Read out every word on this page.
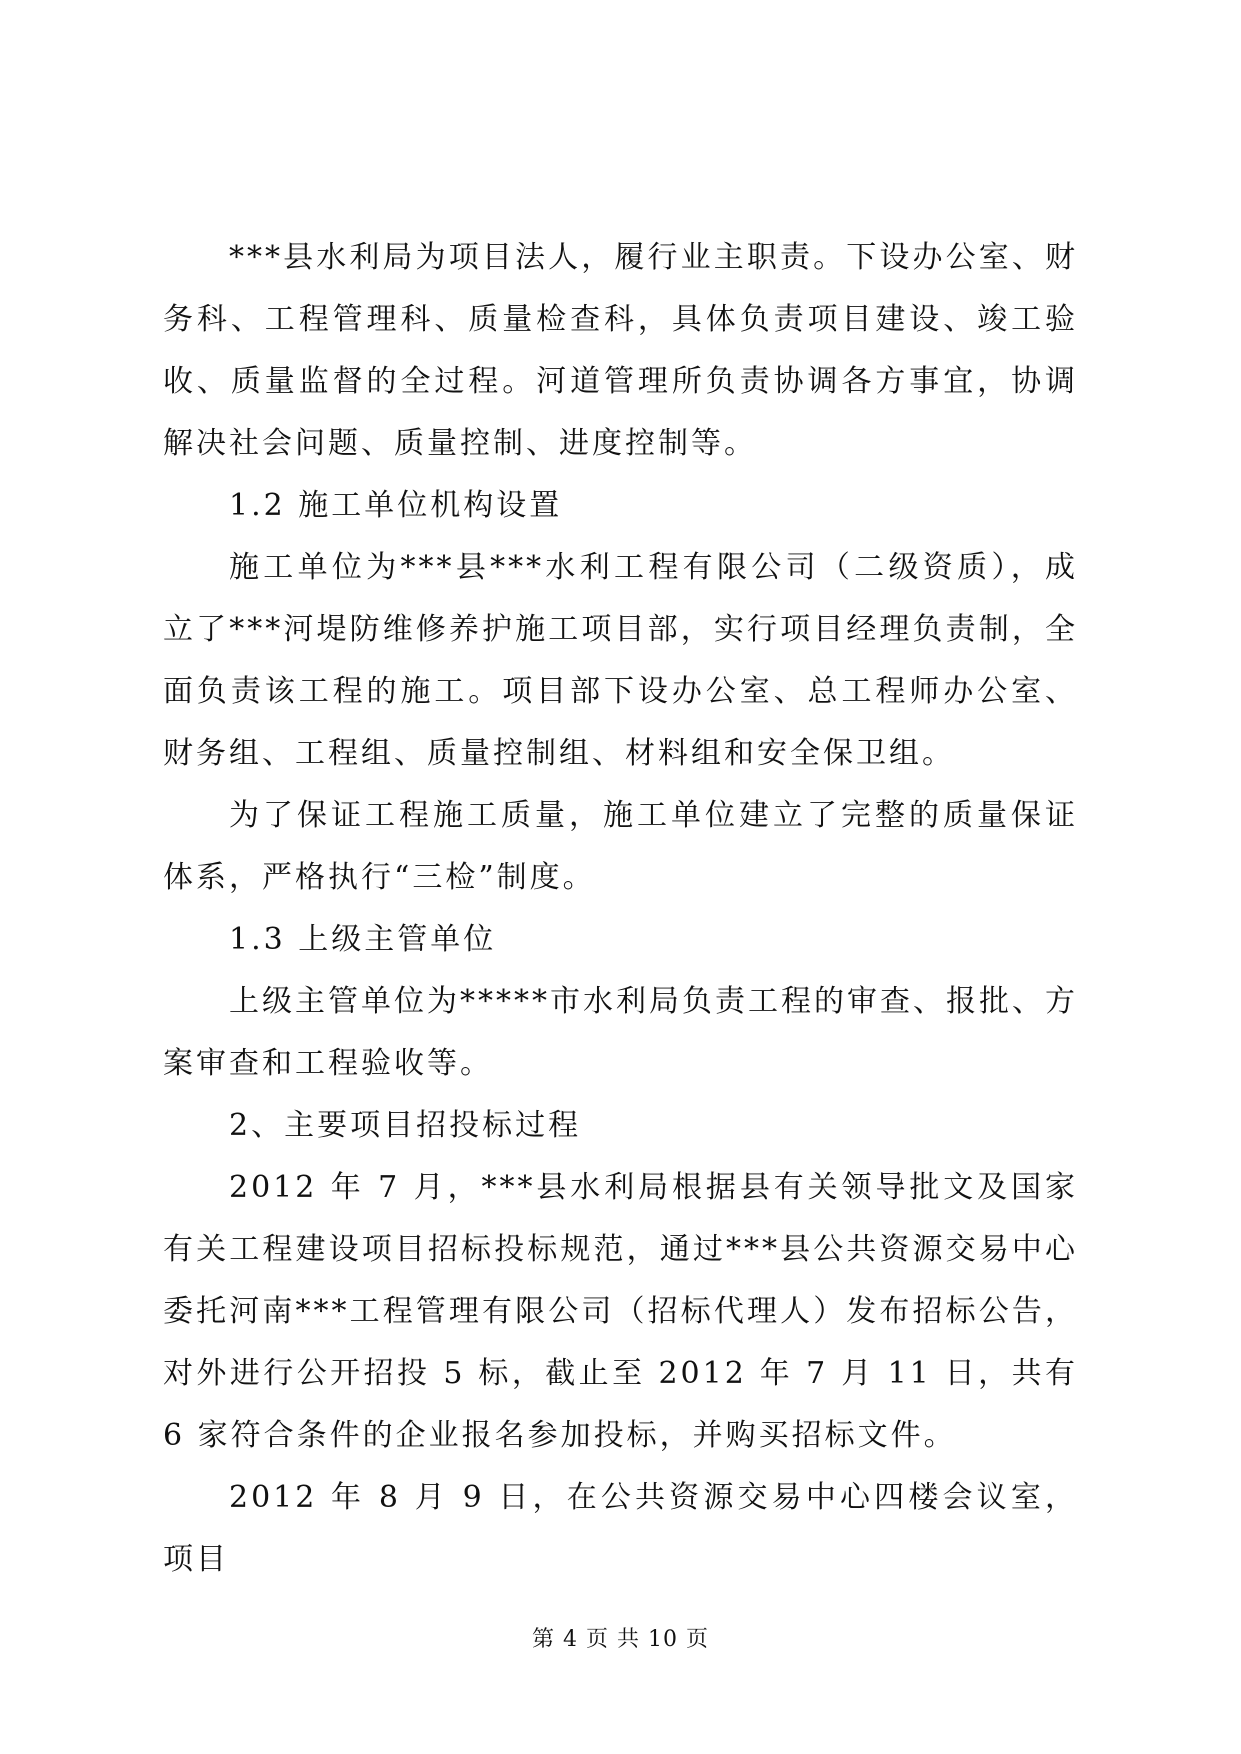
***县水利局为项目法人，履行业主职责。下设办公室、财务科、工程管理科、质量检查科，具体负责项目建设、竣工验收、质量监督的全过程。河道管理所负责协调各方事宜，协调解决社会问题、质量控制、进度控制等。

1.2 施工单位机构设置

施工单位为***县***水利工程有限公司（二级资质），成立了***河堤防维修养护施工项目部，实行项目经理负责制，全面负责该工程的施工。项目部下设办公室、总工程师办公室、财务组、工程组、质量控制组、材料组和安全保卫组。

为了保证工程施工质量，施工单位建立了完整的质量保证体系，严格执行“三检”制度。

1.3 上级主管单位

上级主管单位为*****市水利局负责工程的审查、报批、方案审查和工程验收等。

2、主要项目招投标过程

2012 年 7 月，***县水利局根据县有关领导批文及国家有关工程建设项目招标投标规范，通过***县公共资源交易中心委托河南***工程管理有限公司（招标代理人）发布招标公告，对外进行公开招投 5 标，截止至 2012 年 7 月 11 日，共有 6 家符合条件的企业报名参加投标，并购买招标文件。

2012 年 8 月 9 日，在公共资源交易中心四楼会议室，项目

第 4 页 共 10 页
